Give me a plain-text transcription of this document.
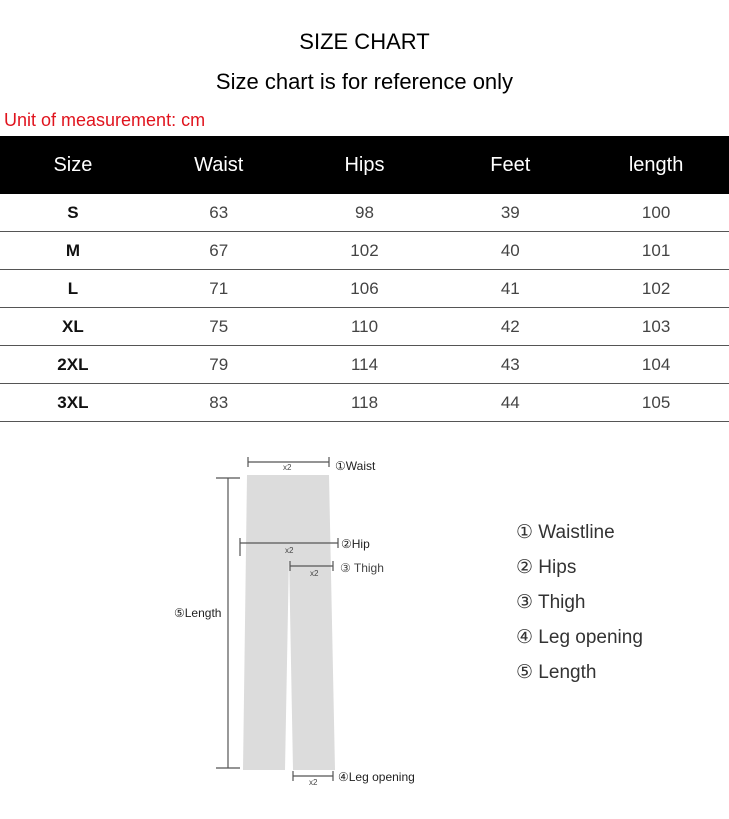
SIZE CHART
Size chart is for reference only
Unit of measurement: cm
Size	Waist	Hips	Feet	length
S	63	98	39	100
M	67	102	40	101
L	71	106	41	102
XL	75	110	42	103
2XL	79	114	43	104
3XL	83	118	44	105
x2	①Waist
x2	②Hip
x2 ③ Thigh
⑤Length
x2 ④Leg opening
① Waistline
② Hips
③ Thigh
④ Leg opening
⑤ Length
